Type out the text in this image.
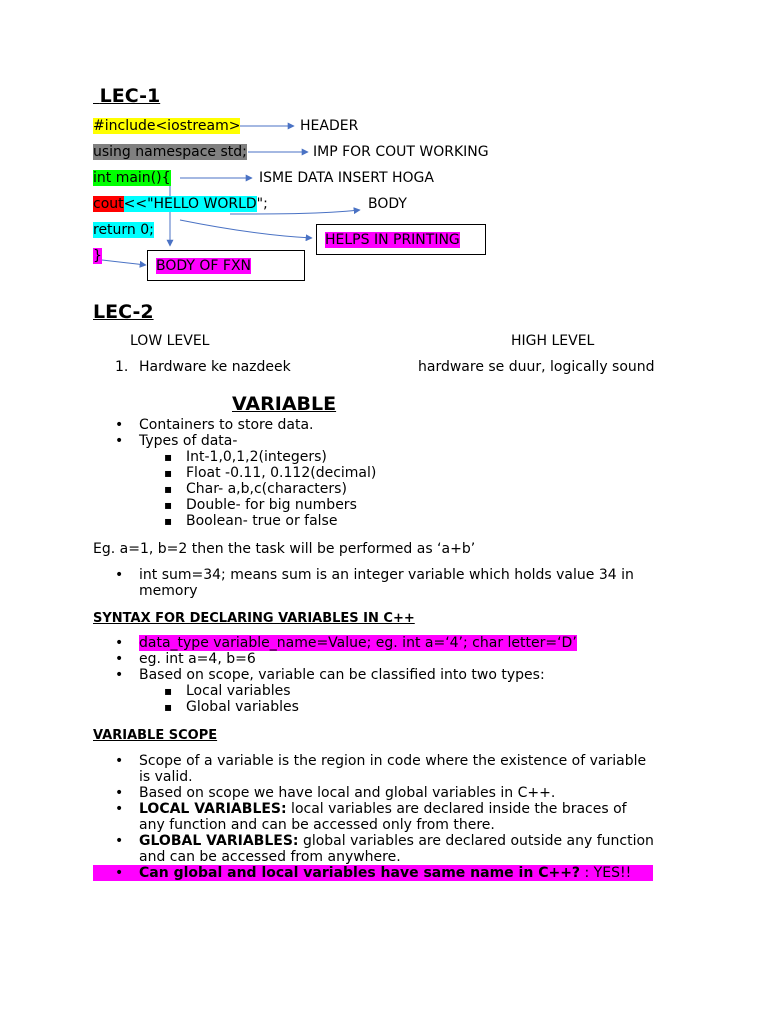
LEC-1
#include<iostream>	HEADER
using namespace std;	IMP FOR COUT WORKING
int main(){	ISME DATA INSERT HOGA
cout<<"HELLO WORLD";	BODY
return 0;
}
HELPS IN PRINTING
BODY OF FXN
LEC-2
LOW LEVEL	HIGH LEVEL
1. Hardware ke nazdeek	hardware se duur, logically sound
VARIABLE
• Containers to store data.
• Types of data-
▪ Int-1,0,1,2(integers)
▪ Float -0.11, 0.112(decimal)
▪ Char- a,b,c(characters)
▪ Double- for big numbers
▪ Boolean- true or false
Eg. a=1, b=2 then the task will be performed as ‘a+b’
• int sum=34; means sum is an integer variable which holds value 34 in
memory
SYNTAX FOR DECLARING VARIABLES IN C++
• data_type variable_name=Value; eg. int a=‘4’; char letter=‘D’
• eg. int a=4, b=6
• Based on scope, variable can be classified into two types:
▪ Local variables
▪ Global variables
VARIABLE SCOPE
• Scope of a variable is the region in code where the existence of variable
is valid.
• Based on scope we have local and global variables in C++.
• LOCAL VARIABLES: local variables are declared inside the braces of
any function and can be accessed only from there.
• GLOBAL VARIABLES: global variables are declared outside any function
and can be accessed from anywhere.
• Can global and local variables have same name in C++? : YES!!
